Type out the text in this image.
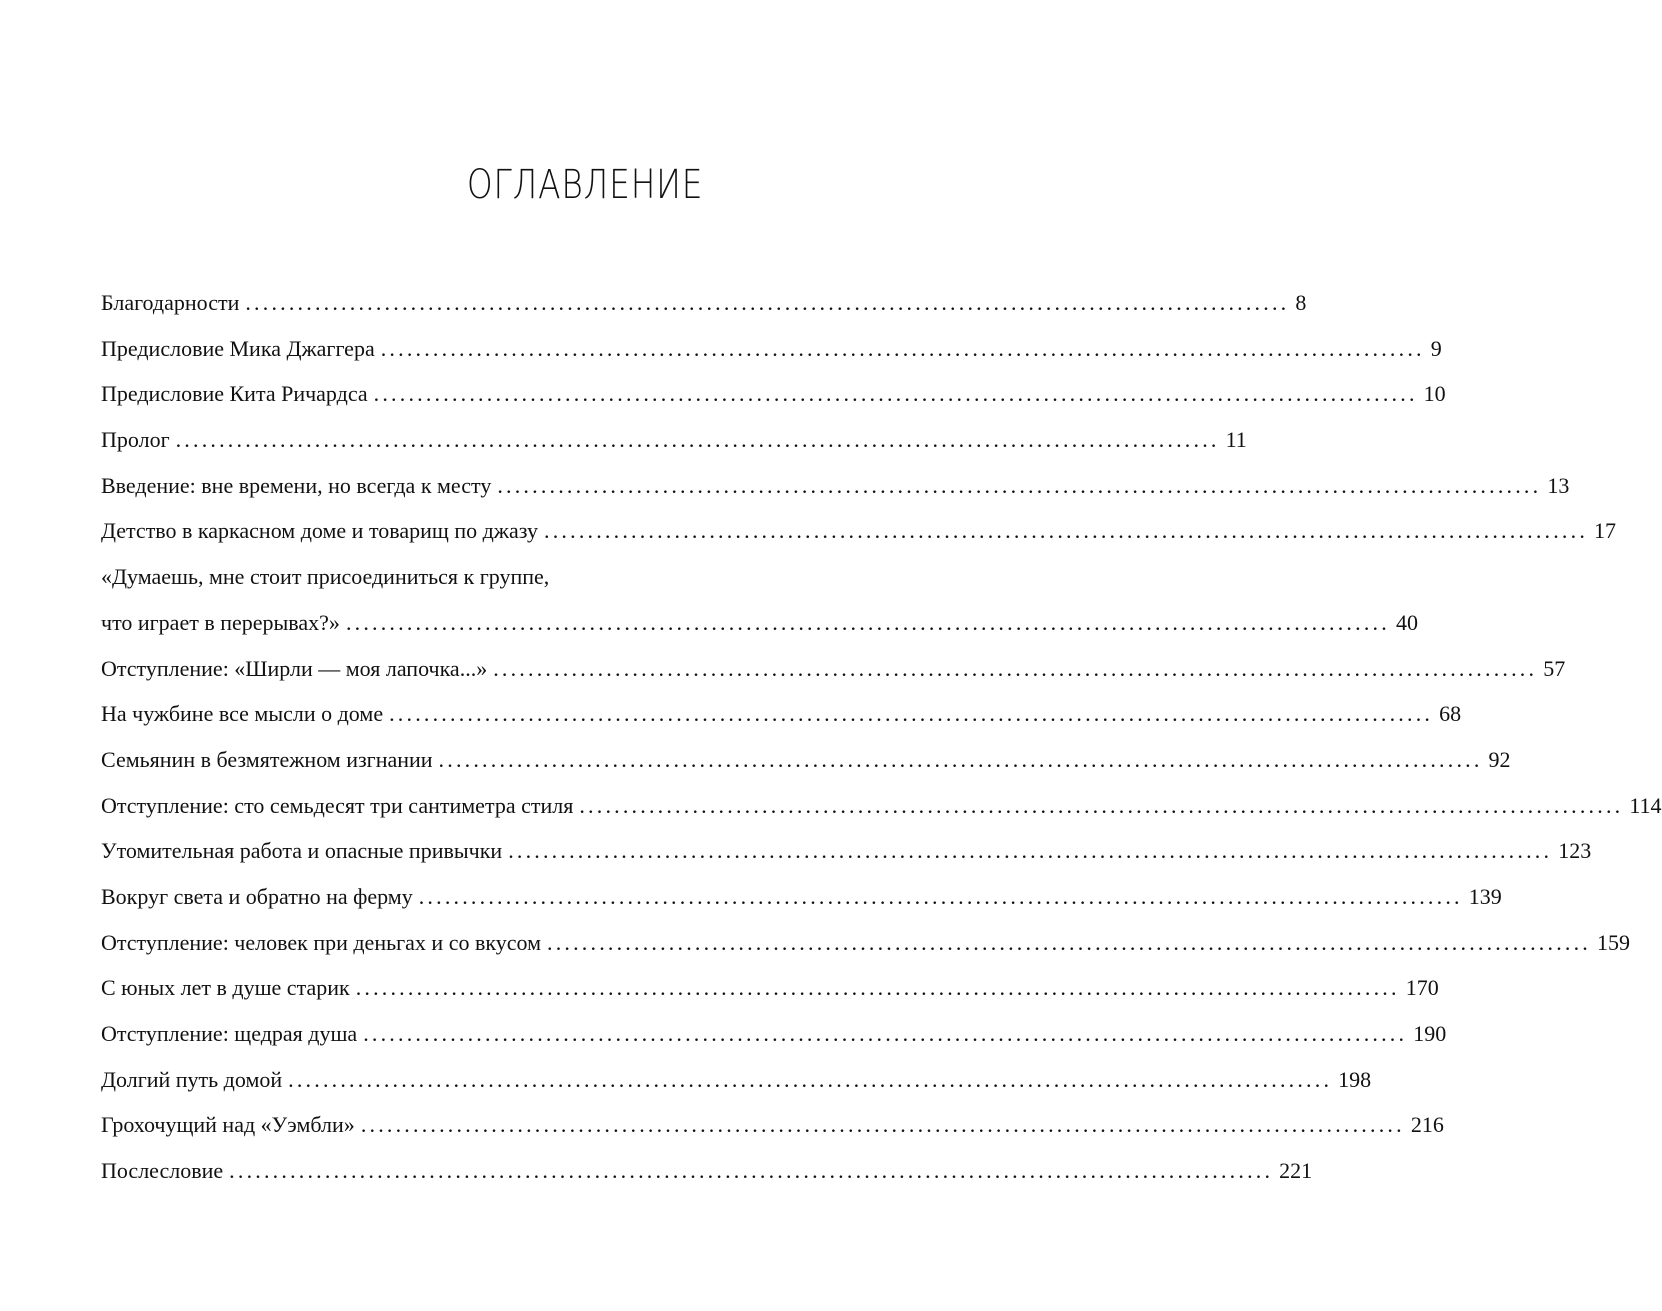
ОГЛАВЛЕНИЕ
Благодарности ........................................................................................................................ 8
Предисловие Мика Джаггера ........................................................................................................................ 9
Предисловие Кита Ричардса ........................................................................................................................ 10
Пролог ........................................................................................................................ 11
Введение: вне времени, но всегда к месту ........................................................................................................................ 13
Детство в каркасном доме и товарищ по джазу ........................................................................................................................ 17
«Думаешь, мне стоит присоединиться к группе,
что играет в перерывах?» ........................................................................................................................ 40
Отступление: «Ширли — моя лапочка...» ........................................................................................................................ 57
На чужбине все мысли о доме ........................................................................................................................ 68
Семьянин в безмятежном изгнании ........................................................................................................................ 92
Отступление: сто семьдесят три сантиметра стиля ........................................................................................................................ 114
Утомительная работа и опасные привычки ........................................................................................................................ 123
Вокруг света и обратно на ферму ........................................................................................................................ 139
Отступление: человек при деньгах и со вкусом ........................................................................................................................ 159
С юных лет в душе старик ........................................................................................................................ 170
Отступление: щедрая душа ........................................................................................................................ 190
Долгий путь домой ........................................................................................................................ 198
Грохочущий над «Уэмбли» ........................................................................................................................ 216
Послесловие ........................................................................................................................ 221
